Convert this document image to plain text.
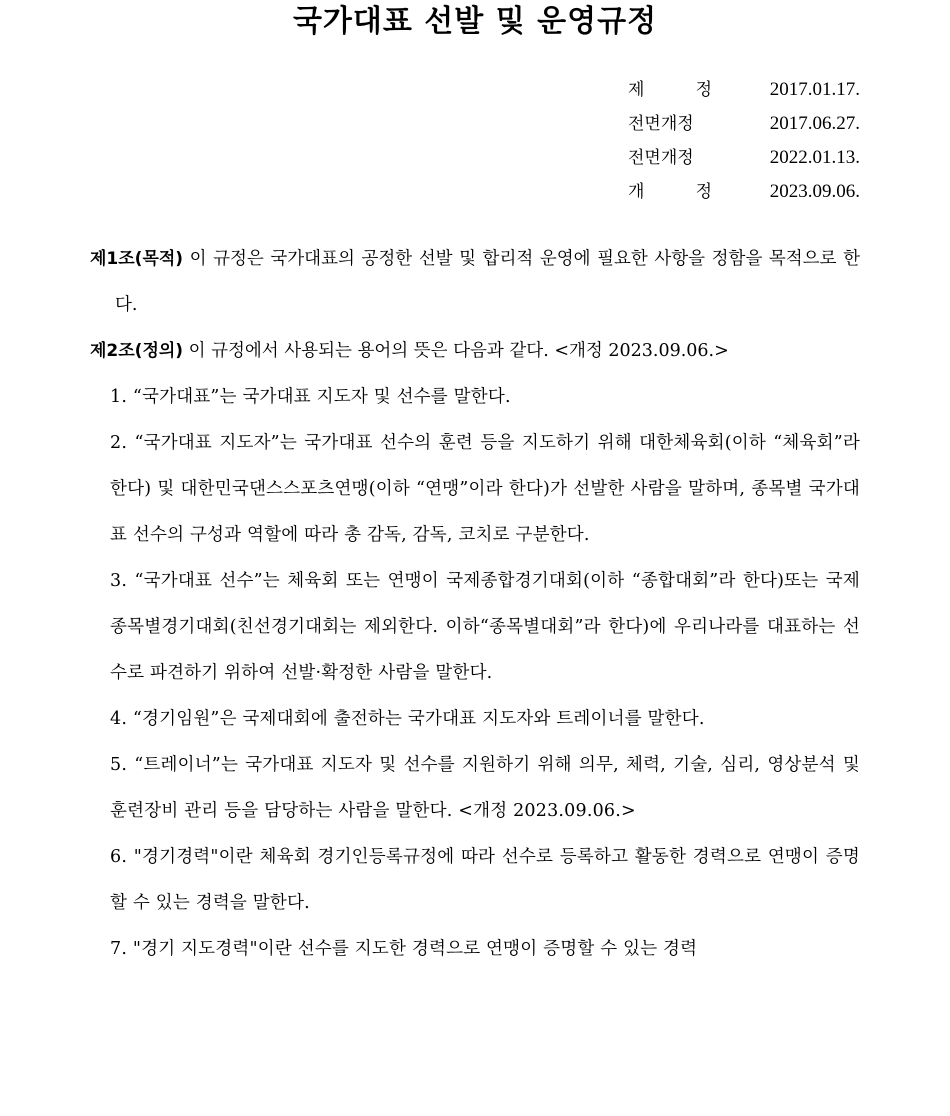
국가대표 선발 및 운영규정
제 정	2017.01.17.
전면개정	2017.06.27.
전면개정	2022.01.13.
개 정	2023.09.06.

제1조(목적) 이 규정은 국가대표의 공정한 선발 및 합리적 운영에 필요한 사항을 정함을 목적으로 한다.

제2조(정의) 이 규정에서 사용되는 용어의 뜻은 다음과 같다. <개정 2023.09.06.>

1. “국가대표”는 국가대표 지도자 및 선수를 말한다.

2. “국가대표 지도자”는 국가대표 선수의 훈련 등을 지도하기 위해 대한체육회(이하 “체육회”라 한다) 및 대한민국댄스스포츠연맹(이하 “연맹”이라 한다)가 선발한 사람을 말하며, 종목별 국가대표 선수의 구성과 역할에 따라 총 감독, 감독, 코치로 구분한다.

3. “국가대표 선수”는 체육회 또는 연맹이 국제종합경기대회(이하 “종합대회”라 한다)또는 국제종목별경기대회(친선경기대회는 제외한다. 이하“종목별대회”라 한다)에 우리나라를 대표하는 선수로 파견하기 위하여 선발·확정한 사람을 말한다.

4. “경기임원”은 국제대회에 출전하는 국가대표 지도자와 트레이너를 말한다.

5. “트레이너”는 국가대표 지도자 및 선수를 지원하기 위해 의무, 체력, 기술, 심리, 영상분석 및 훈련장비 관리 등을 담당하는 사람을 말한다. <개정 2023.09.06.>

6. "경기경력"이란 체육회 경기인등록규정에 따라 선수로 등록하고 활동한 경력으로 연맹이 증명할 수 있는 경력을 말한다.

7. "경기 지도경력"이란 선수를 지도한 경력으로 연맹이 증명할 수 있는 경력
